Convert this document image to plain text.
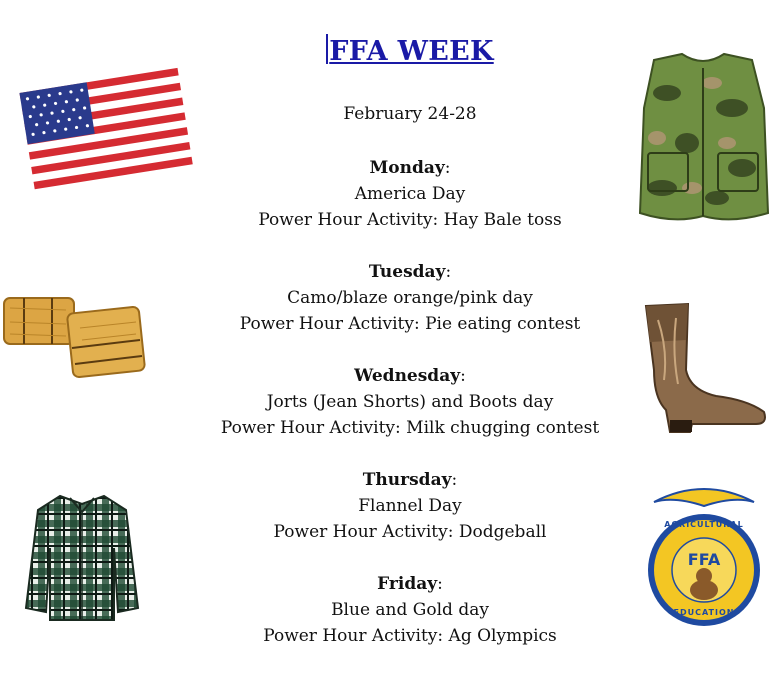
FFA WEEK
February 24-28
Monday:
America Day
Power Hour Activity: Hay Bale toss
Tuesday:
Camo/blaze orange/pink day
Power Hour Activity: Pie eating contest
Wednesday:
Jorts (Jean Shorts) and Boots day
Power Hour Activity: Milk chugging contest
Thursday:
Flannel Day
Power Hour Activity: Dodgeball
Friday:
Blue and Gold day
Power Hour Activity: Ag Olympics
FFA
AGRICULTURAL
EDUCATION
